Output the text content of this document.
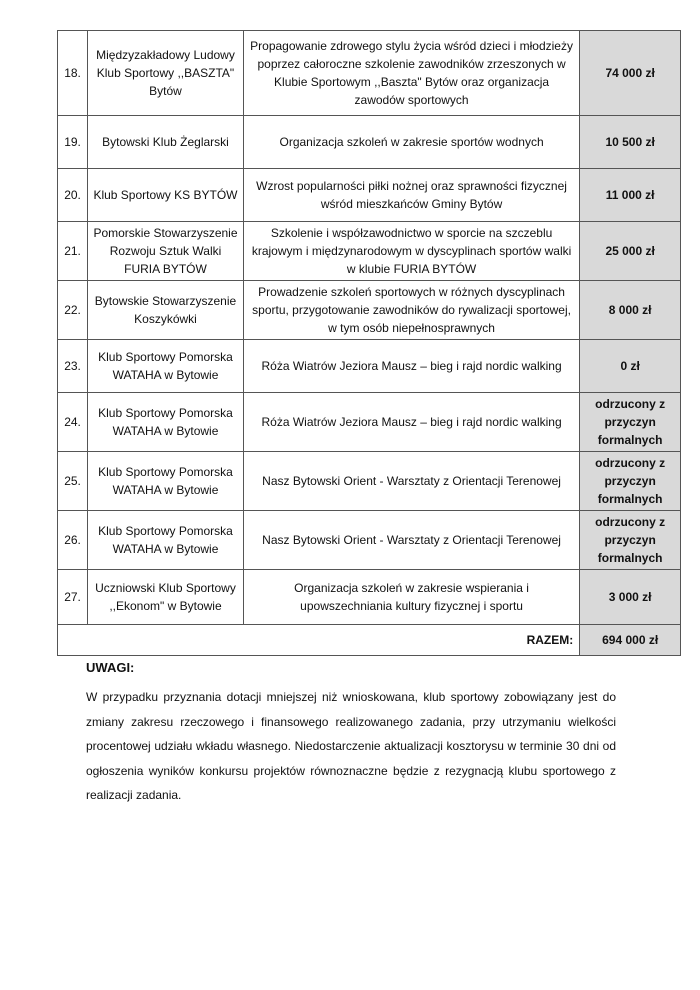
18.	Międzyzakładowy Ludowy Klub Sportowy ,,BASZTA" Bytów	Propagowanie zdrowego stylu życia wśród dzieci i młodzieży poprzez całoroczne szkolenie zawodników zrzeszonych w Klubie Sportowym ,,Baszta" Bytów oraz organizacja zawodów sportowych	74 000 zł
19.	Bytowski Klub Żeglarski	Organizacja szkoleń w zakresie sportów wodnych	10 500 zł
20.	Klub Sportowy KS BYTÓW	Wzrost popularności piłki nożnej oraz sprawności fizycznej wśród mieszkańców Gminy Bytów	11 000 zł
21.	Pomorskie Stowarzyszenie Rozwoju Sztuk Walki FURIA BYTÓW	Szkolenie i współzawodnictwo w sporcie na szczeblu krajowym i międzynarodowym w dyscyplinach sportów walki w klubie FURIA BYTÓW	25 000 zł
22.	Bytowskie Stowarzyszenie Koszykówki	Prowadzenie szkoleń sportowych w różnych dyscyplinach sportu, przygotowanie zawodników do rywalizacji sportowej, w tym osób niepełnosprawnych	8 000 zł
23.	Klub Sportowy Pomorska WATAHA w Bytowie	Róża Wiatrów Jeziora Mausz – bieg i rajd nordic walking	0 zł
24.	Klub Sportowy Pomorska WATAHA w Bytowie	Róża Wiatrów Jeziora Mausz – bieg i rajd nordic walking	odrzucony z przyczyn formalnych
25.	Klub Sportowy Pomorska WATAHA w Bytowie	Nasz Bytowski Orient - Warsztaty z Orientacji Terenowej	odrzucony z przyczyn formalnych
26.	Klub Sportowy Pomorska WATAHA w Bytowie	Nasz Bytowski Orient - Warsztaty z Orientacji Terenowej	odrzucony z przyczyn formalnych
27.	Uczniowski Klub Sportowy ,,Ekonom" w Bytowie	Organizacja szkoleń w zakresie wspierania i upowszechniania kultury fizycznej i sportu	3 000 zł
RAZEM:			694 000 zł
UWAGI:

W przypadku przyznania dotacji mniejszej niż wnioskowana, klub sportowy zobowiązany jest do zmiany zakresu rzeczowego i finansowego realizowanego zadania, przy utrzymaniu wielkości procentowej udziału wkładu własnego. Niedostarczenie aktualizacji kosztorysu w terminie 30 dni od ogłoszenia wyników konkursu projektów równoznaczne będzie z rezygnacją klubu sportowego z realizacji zadania.
